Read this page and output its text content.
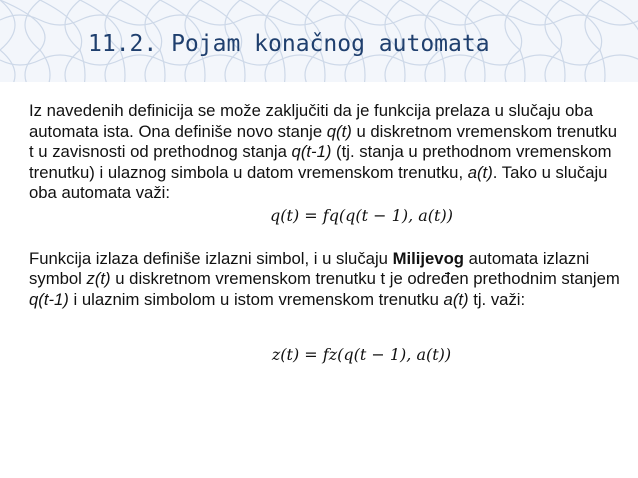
11.2. Pojam konačnog automata

Iz navedenih definicija se može zaključiti da je funkcija prelaza u slučaju oba automata ista. Ona definiše novo stanje q(t) u diskretnom vremenskom trenutku t u zavisnosti od prethodnog stanja q(t-1) (tj. stanja u prethodnom vremenskom trenutku) i ulaznog simbola u datom vremenskom trenutku, a(t). Tako u slučaju oba automata važi:

q(t) = fq(q(t − 1), a(t))

Funkcija izlaza definiše izlazni simbol, i u slučaju Milijevog automata izlazni symbol z(t) u diskretnom vremenskom trenutku t je određen prethodnim stanjem q(t-1) i ulaznim simbolom u istom vremenskom trenutku a(t) tj. važi:

z(t) = fz(q(t − 1), a(t))
